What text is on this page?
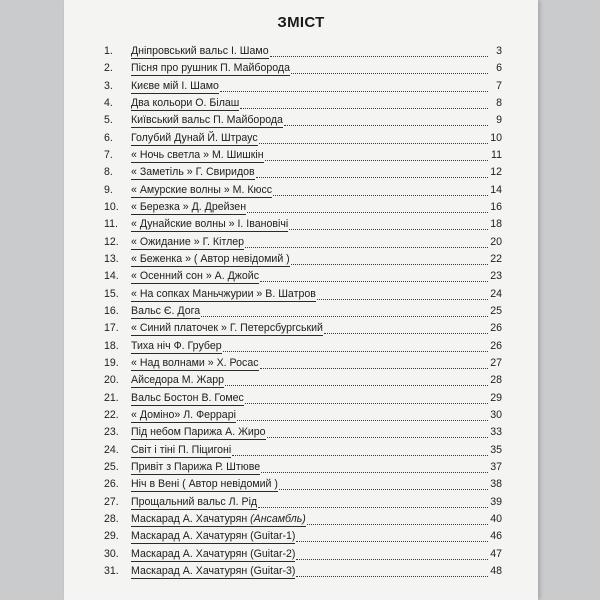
ЗМІСТ
1. Дніпровський вальс І. Шамо	3
2. Пісня про рушник П. Майборода	6
3. Києве мій І. Шамо	7
4. Два кольори О. Білаш	8
5. Київський вальс П. Майборода	9
6. Голубий Дунай Й. Штраус	10
7. « Ночь светла » М. Шишкін	11
8. « Заметіль » Г. Свиридов	12
9. « Амурские волны » М. Кюсс	14
10. « Березка » Д. Дрейзен	16
11. « Дунайские волны » І. Івановічі	18
12. « Ожидание » Г. Кітлер	20
13. « Беженка » ( Автор невідомий )	22
14. « Осенний сон » А. Джойс	23
15. « На сопках Маньчжурии » В. Шатров	24
16. Вальс Є. Дога	25
17. « Синий платочек » Г. Петерсбургський	26
18. Тиха ніч Ф. Грубер	26
19. « Над волнами » Х. Росас	27
20. Айседора М. Жарр	28
21. Вальс Бостон В. Гомес	29
22. « Доміно» Л. Феррарі	30
23. Під небом Парижа А. Жиро	33
24. Світ і тіні П. Піцигоні	35
25. Привіт з Парижа Р. Штюве	37
26. Ніч в Вені ( Автор невідомий )	38
27. Прощальний вальс Л. Рід	39
28. Маскарад А. Хачатурян (Ансамбль)	40
29. Маскарад А. Хачатурян (Guitar-1)	46
30. Маскарад А. Хачатурян (Guitar-2)	47
31. Маскарад А. Хачатурян (Guitar-3)	48
